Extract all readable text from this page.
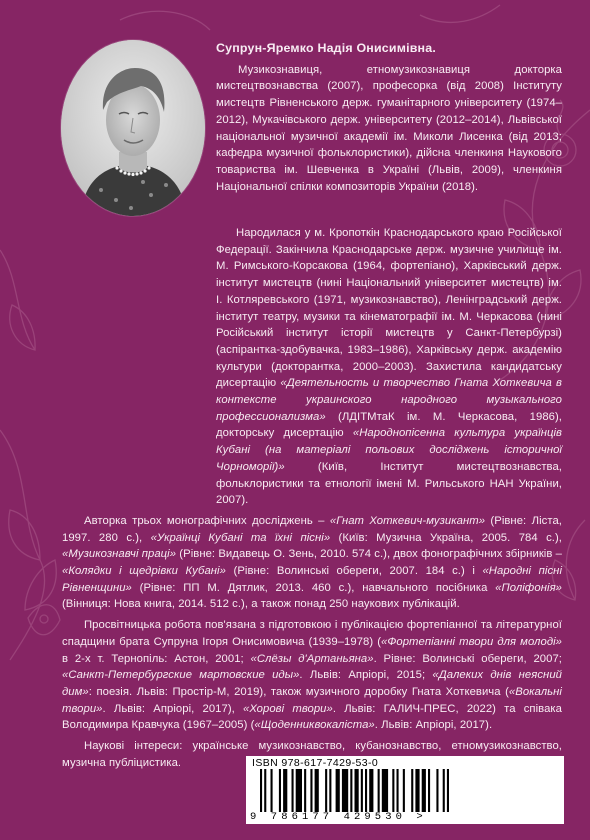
Супрун-Яремко Надія Онисимівна.

Музикознавиця, етномузикознавиця докторка мистецтвознавства (2007), професорка (від 2008) Інституту мистецтв Рівненського держ. гуманітарного університету (1974–2012), Мукачівського держ. університету (2012–2014), Львівської національної музичної академії ім. Миколи Лисенка (від 2013; кафедра музичної фольклористики), дійсна членкиня Наукового товариства ім. Шевченка в Україні (Львів, 2009), членкиня Національної спілки композиторів України (2018).

Народилася у м. Кропоткін Краснодарського краю Російської Федерації. Закінчила Краснодарське держ. музичне училище ім. М. Римського-Корсакова (1964, фортепіано), Харківський держ. інститут мистецтв (нині Національний університет мистецтв) ім. І. Котляревського (1971, музикознавство), Ленінградський держ. інститут театру, музики та кінематографії ім. М. Черкасова (нині Російський інститут історії мистецтв у Санкт-Петербурзі) (аспірантка-здобувачка, 1983–1986), Харківську держ. академію культури (докторантка, 2000–2003). Захистила кандидатську дисертацію «Деятельность и творчество Гната Хоткевича в контексте украинского народного музыкального профессионализма» (ЛДІТМтаК ім. М. Черкасова, 1986), докторську дисертацію «Народнопісенна культура українців Кубані (на матеріалі польових досліджень історичної Чорноморії)» (Київ, Інститут мистецтвознавства, фольклористики та етнології імені М. Рильського НАН України, 2007).

Авторка трьох монографічних досліджень – «Гнат Хоткевич-музикант» (Рівне: Ліста, 1997. 280 с.), «Українці Кубані та їхні пісні» (Київ: Музична Україна, 2005. 784 с.), «Музикознавчі праці» (Рівне: Видавець О. Зень, 2010. 574 с.), двох фонографічних збірників – «Колядки і щедрівки Кубані» (Рівне: Волинські обереги, 2007. 184 с.) і «Народні пісні Рівненщини» (Рівне: ПП М. Дятлик, 2013. 460 с.), навчального посібника «Поліфонія» (Вінниця: Нова книга, 2014. 512 с.), а також понад 250 наукових публікацій.

Просвітницька робота пов'язана з підготовкою і публікацією фортепіанної та літературної спадщини брата Супруна Ігоря Онисимовича (1939–1978) («Фортепіанні твори для молоді» в 2-х т. Тернопіль: Астон, 2001; «Слёзы д'Артаньяна». Рівне: Волинські обереги, 2007; «Санкт-Петербургские мартовские иды». Львів: Апріорі, 2015; «Далеких днів неясний дим»: поезія. Львів: Простір-М, 2019), також музичного доробку Гната Хоткевича («Вокальні твори». Львів: Апріорі, 2017), «Хорові твори». Львів: ГАЛИЧ-ПРЕС, 2022) та співака Володимира Кравчука (1967–2005) («Щоденниквокаліста». Львів: Апріорі, 2017).

Наукові інтереси: українське музикознавство, кубанознавство, етномузикознавство, музична публіцистика.	ISBN 978-617-7429-53-0
9 786177 429530 >
